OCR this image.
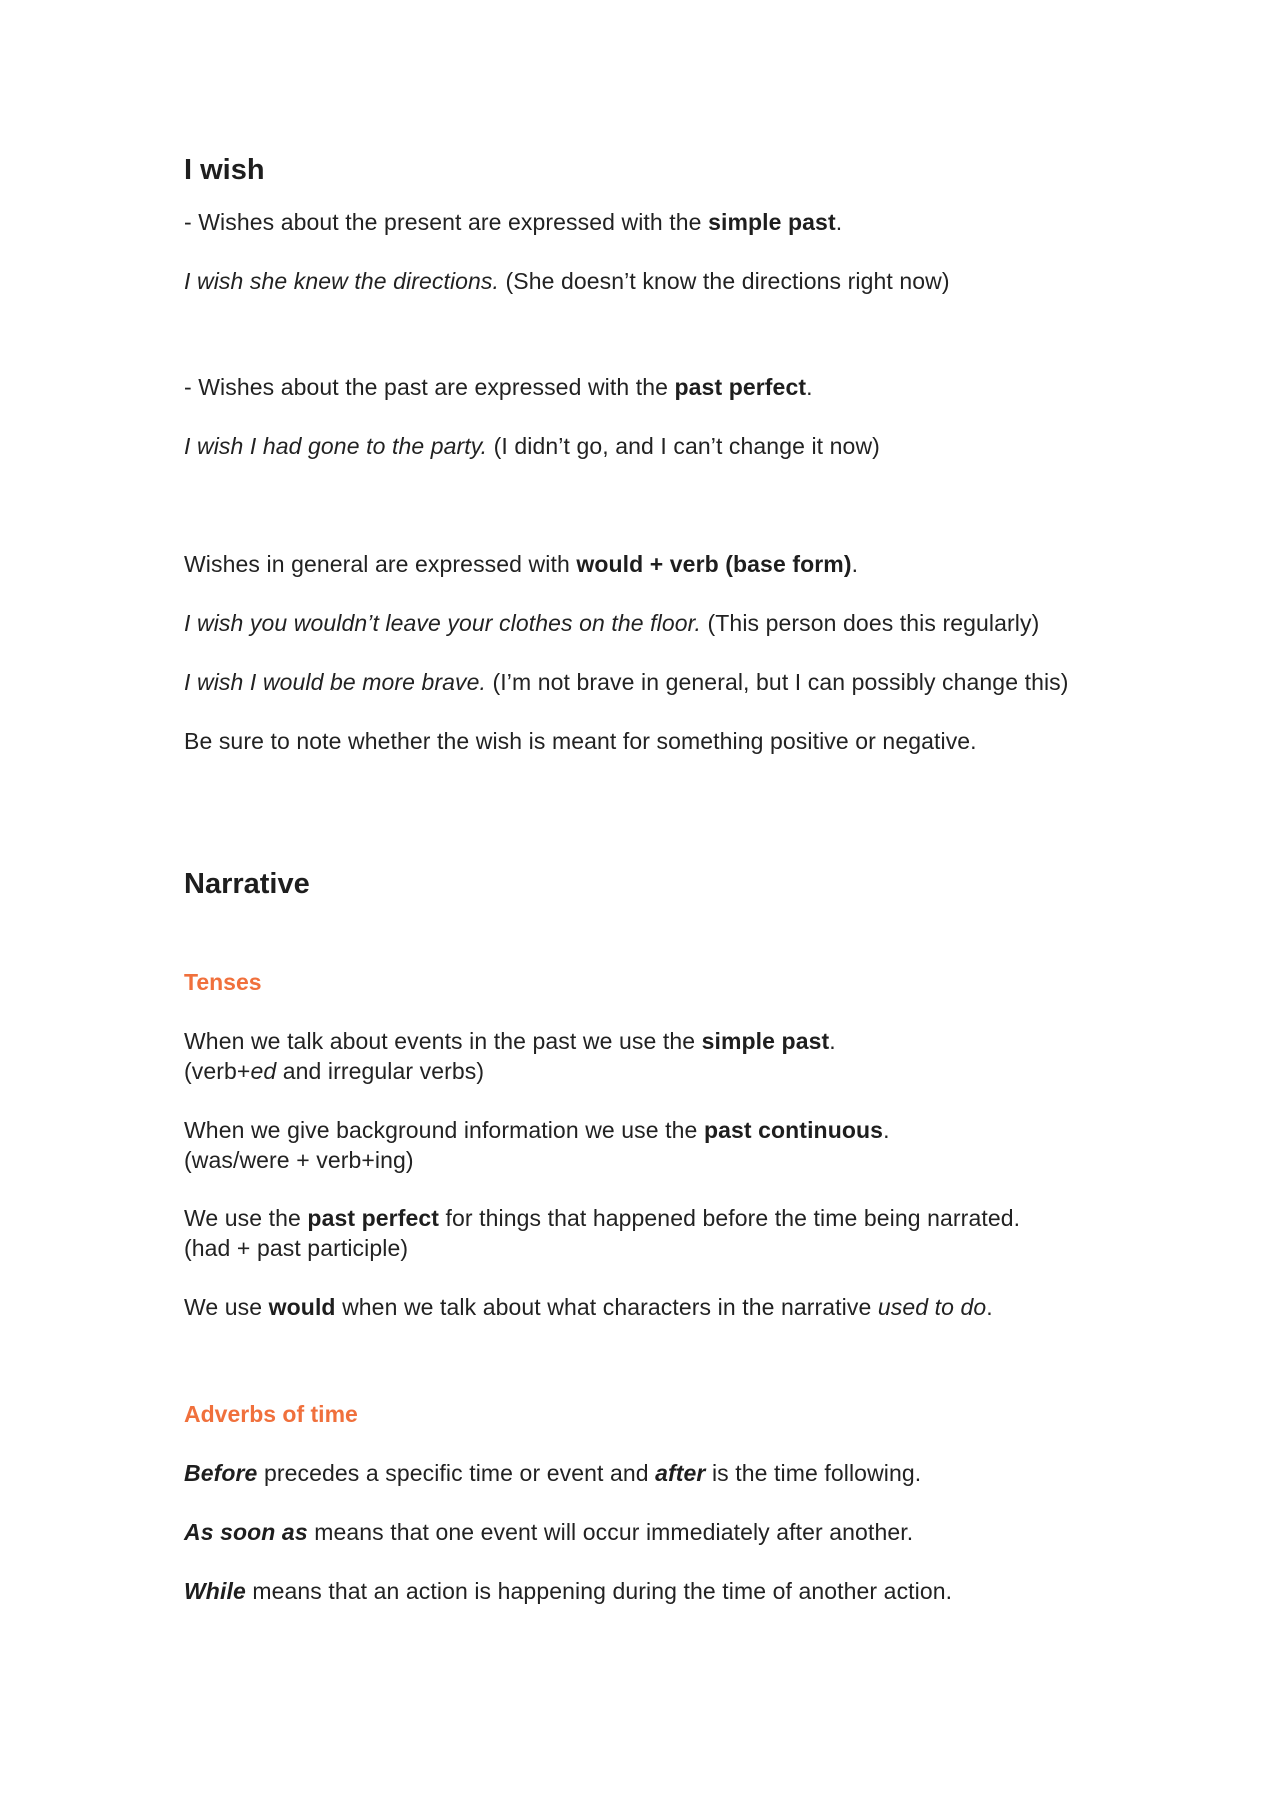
I wish
- Wishes about the present are expressed with the simple past.
I wish she knew the directions. (She doesn’t know the directions right now)
- Wishes about the past are expressed with the past perfect.
I wish I had gone to the party. (I didn’t go, and I can’t change it now)
Wishes in general are expressed with would + verb (base form).
I wish you wouldn’t leave your clothes on the floor. (This person does this regularly)
I wish I would be more brave. (I’m not brave in general, but I can possibly change this)
Be sure to note whether the wish is meant for something positive or negative.
Narrative
Tenses
When we talk about events in the past we use the simple past.
(verb+ed and irregular verbs)
When we give background information we use the past continuous.
(was/were + verb+ing)
We use the past perfect for things that happened before the time being narrated.
(had + past participle)
We use would when we talk about what characters in the narrative used to do.
Adverbs of time
Before precedes a specific time or event and after is the time following.
As soon as means that one event will occur immediately after another.
While means that an action is happening during the time of another action.
